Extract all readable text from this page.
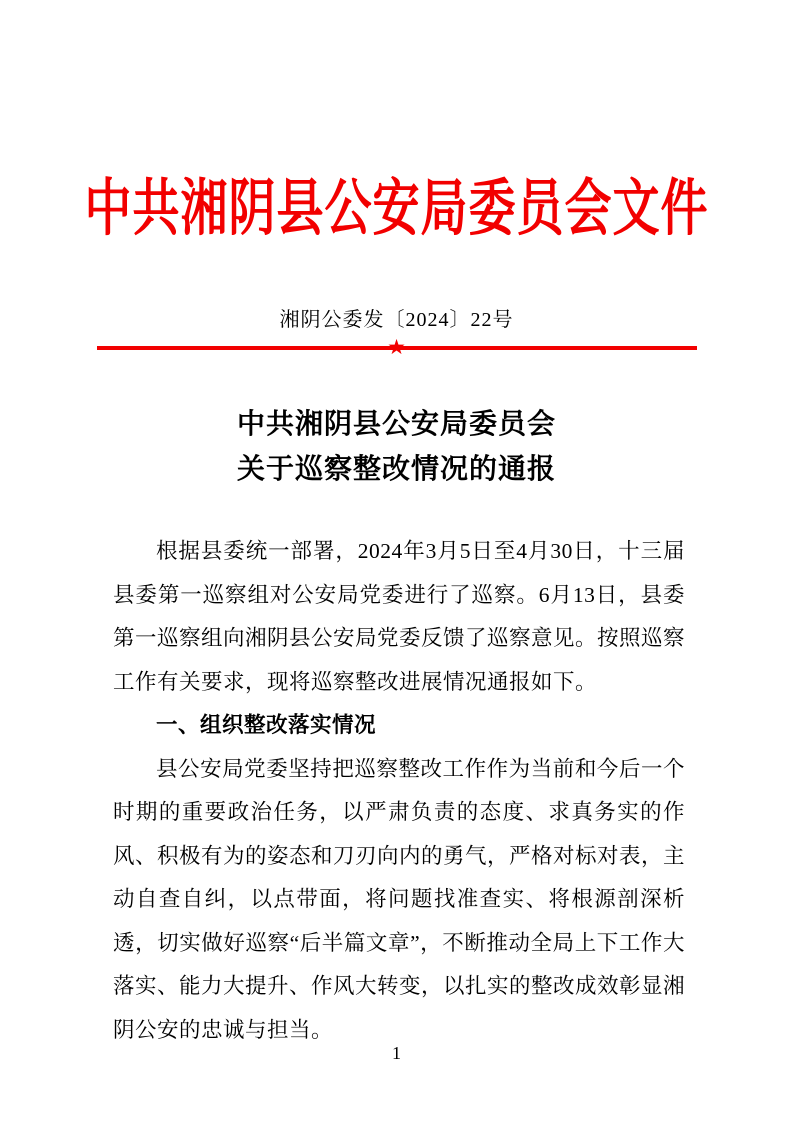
中共湘阴县公安局委员会文件
湘阴公委发〔2024〕22号
★
中共湘阴县公安局委员会
关于巡察整改情况的通报

根据县委统一部署，2024年3月5日至4月30日，十三届县委第一巡察组对公安局党委进行了巡察。6月13日，县委第一巡察组向湘阴县公安局党委反馈了巡察意见。按照巡察工作有关要求，现将巡察整改进展情况通报如下。

一、组织整改落实情况

县公安局党委坚持把巡察整改工作作为当前和今后一个时期的重要政治任务，以严肃负责的态度、求真务实的作风、积极有为的姿态和刀刃向内的勇气，严格对标对表，主动自查自纠，以点带面，将问题找准查实、将根源剖深析透，切实做好巡察“后半篇文章”，不断推动全局上下工作大落实、能力大提升、作风大转变，以扎实的整改成效彰显湘阴公安的忠诚与担当。

1
